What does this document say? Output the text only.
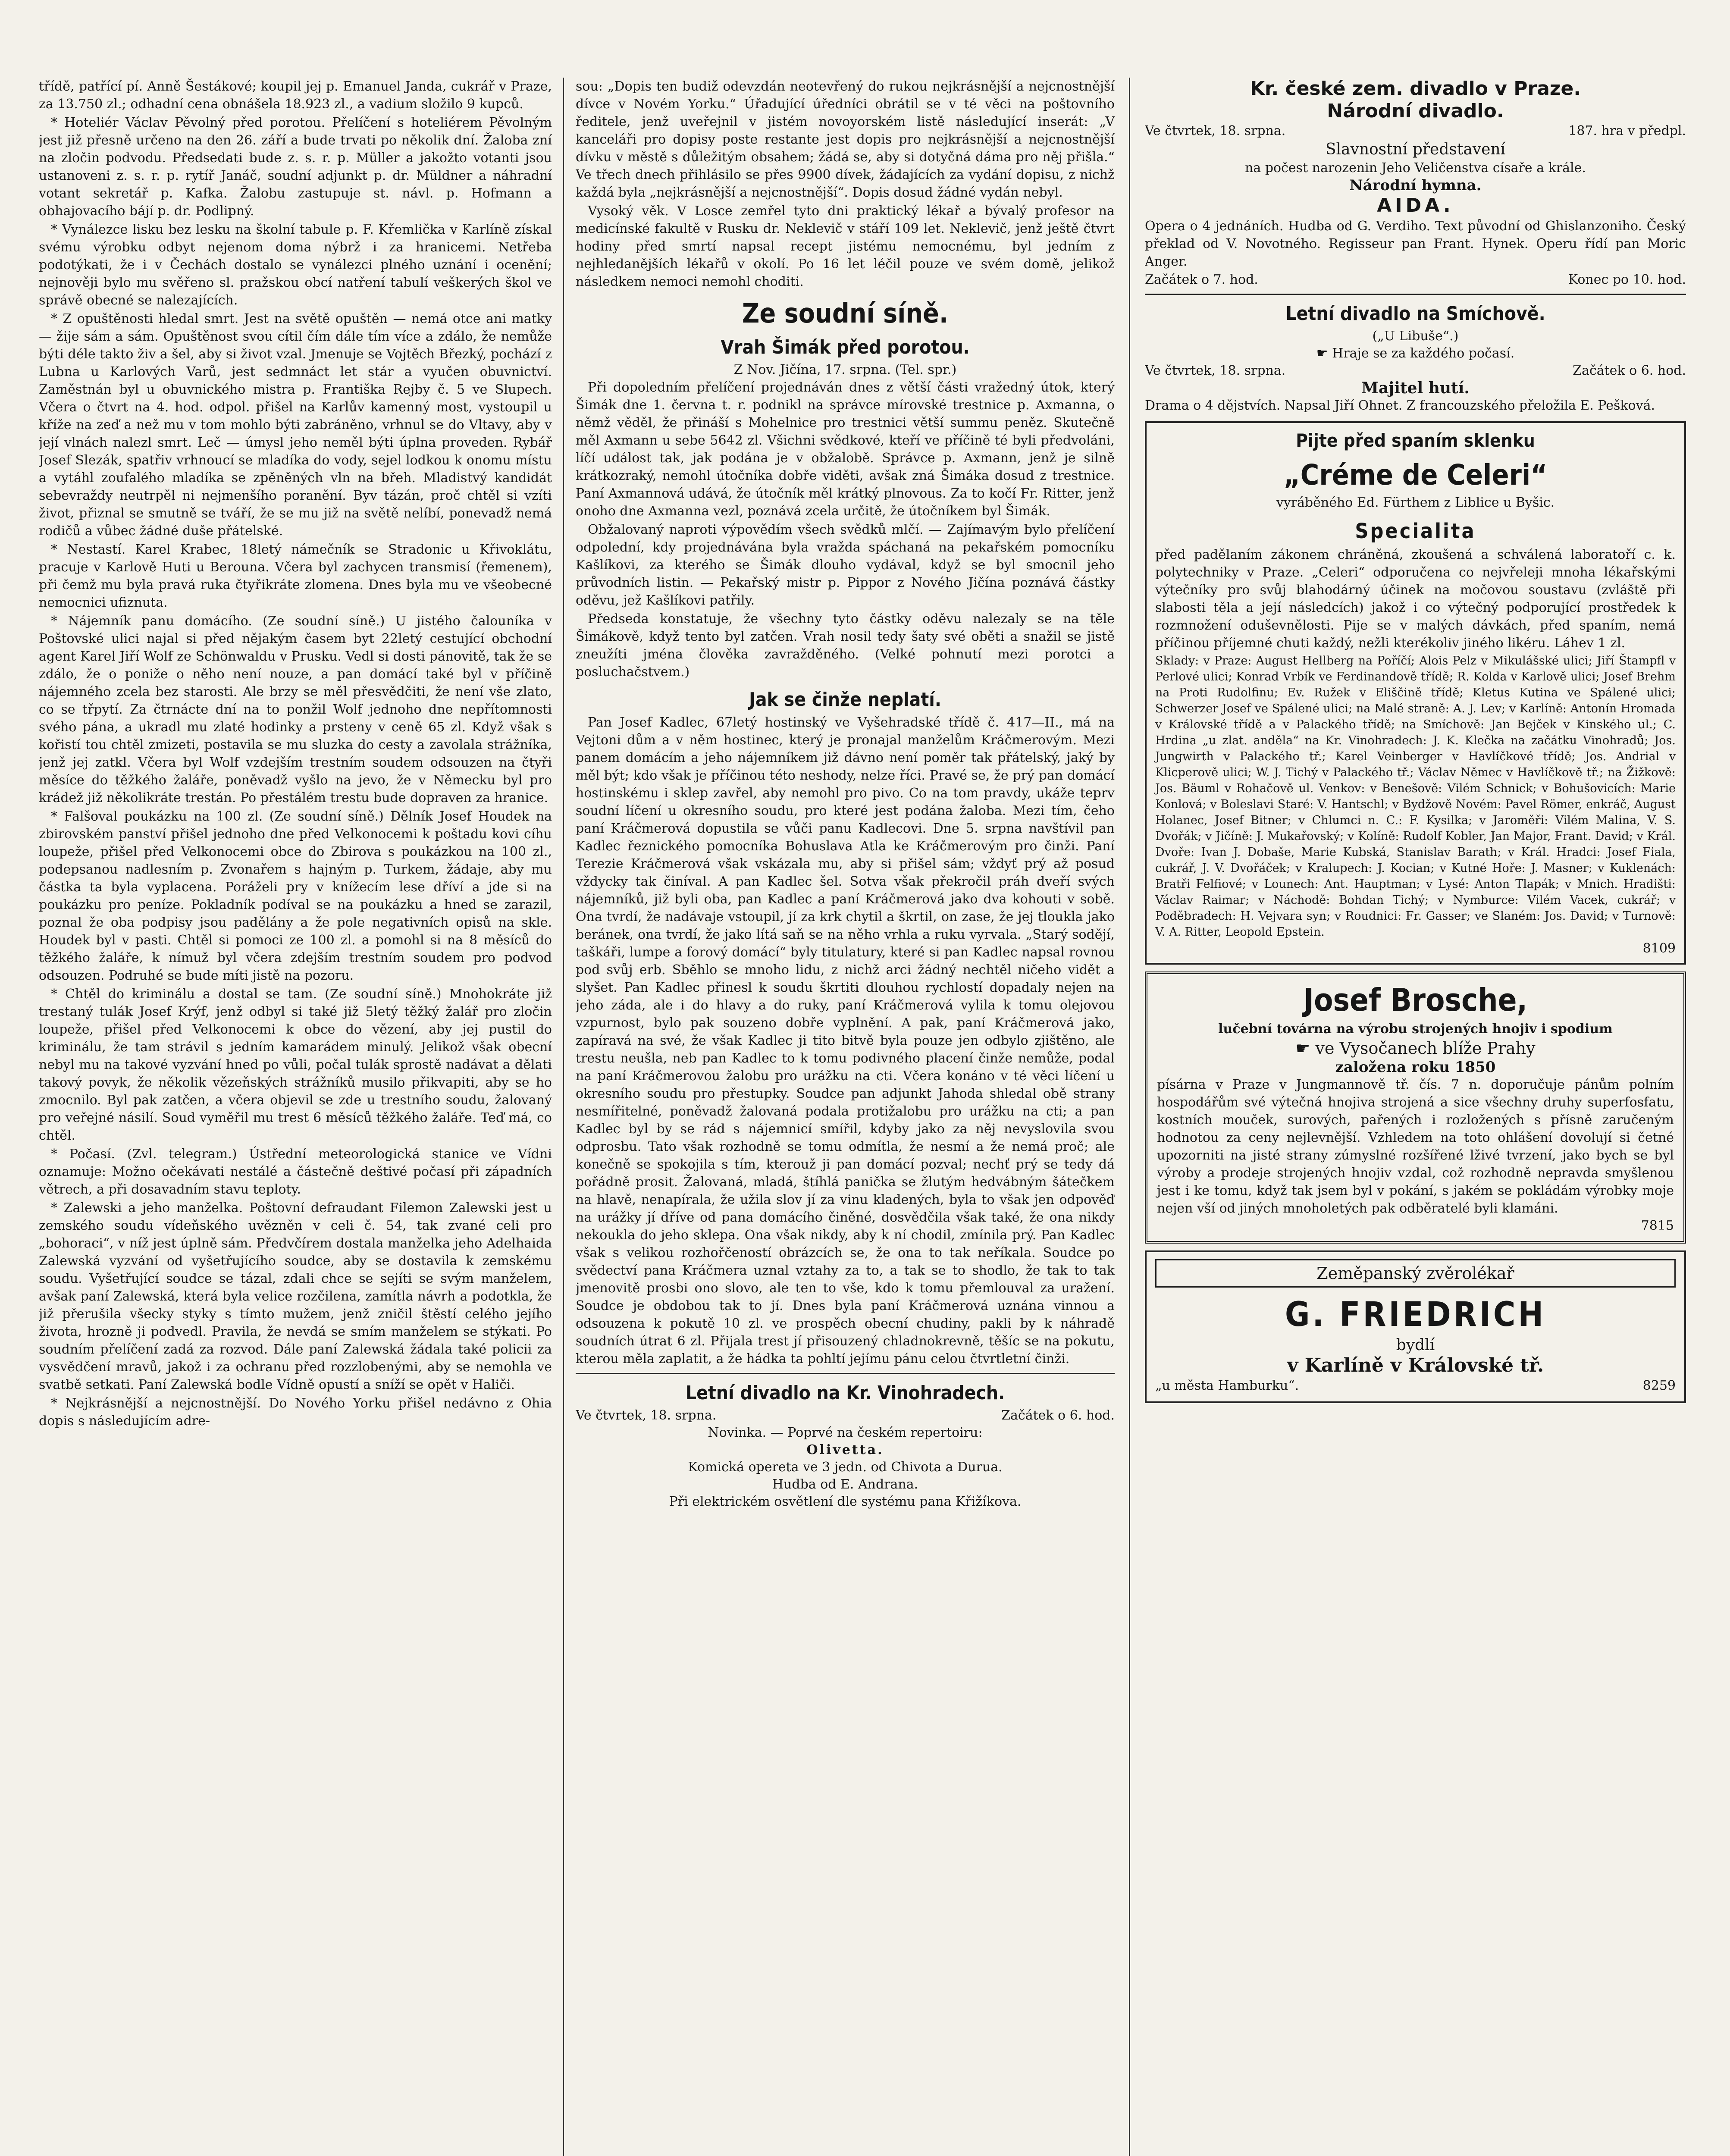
třídě, patřící pí. Anně Šestákové; koupil jej p. Emanuel Janda, cukrář v Praze, za 13.750 zl.; odhadní cena obnášela 18.923 zl., a vadium složilo 9 kupců.

* Hoteliér Václav Pěvolný před porotou. Přelíčení s hoteliérem Pěvolným jest již přesně určeno na den 26. září a bude trvati po několik dní. Žaloba zní na zločin podvodu. Předsedati bude z. s. r. p. Müller a jakožto votanti jsou ustanoveni z. s. r. p. rytíř Janáč, soudní adjunkt p. dr. Müldner a náhradní votant sekretář p. Kafka. Žalobu zastupuje st. návl. p. Hofmann a obhajovacího bájí p. dr. Podlipný.

* Vynálezce lisku bez lesku na školní tabule p. F. Křemlička v Karlíně získal svému výrobku odbyt nejenom doma nýbrž i za hranicemi. Netřeba podotýkati, že i v Čechách dostalo se vynálezci plného uznání i ocenění; nejnověji bylo mu svěřeno sl. pražskou obcí natření tabulí veškerých škol ve správě obecné se nalezajících.

* Z opuštěnosti hledal smrt. Jest na světě opuštěn — nemá otce ani matky — žije sám a sám. Opuštěnost svou cítil čím dále tím více a zdálo, že nemůže býti déle takto živ a šel, aby si život vzal. Jmenuje se Vojtěch Březký, pochází z Lubna u Karlových Varů, jest sedmnáct let stár a vyučen obuvnictví. Zaměstnán byl u obuvnického mistra p. Františka Rejby č. 5 ve Slupech. Včera o čtvrt na 4. hod. odpol. přišel na Karlův kamenný most, vystoupil u kříže na zeď a než mu v tom mohlo býti zabráněno, vrhnul se do Vltavy, aby v její vlnách nalezl smrt. Leč — úmysl jeho neměl býti úplna proveden. Rybář Josef Slezák, spatřiv vrhnoucí se mladíka do vody, sejel lodkou k onomu místu a vytáhl zoufalého mladíka se zpěněných vln na břeh. Mladistvý kandidát sebevraždy neutrpěl ni nejmenšího poranění. Byv tázán, proč chtěl si vzíti život, přiznal se smutně se tváří, že se mu již na světě nelíbí, ponevadž nemá rodičů a vůbec žádné duše přátelské.

* Nestastí. Karel Krabec, 18letý námečník se Stradonic u Křivoklátu, pracuje v Karlově Huti u Berouna. Včera byl zachycen transmisí (řemenem), při čemž mu byla pravá ruka čtyřikráte zlomena. Dnes byla mu ve všeobecné nemocnici ufiznuta.

* Nájemník panu domácího. (Ze soudní síně.) U jistého čalouníka v Poštovské ulici najal si před nějakým časem byt 22letý cestující obchodní agent Karel Jiří Wolf ze Schönwaldu v Prusku. Vedl si dosti pánovitě, tak že se zdálo, že o poniže o něho není nouze, a pan domácí také byl v příčině nájemného zcela bez starosti. Ale brzy se měl přesvědčiti, že není vše zlato, co se třpytí. Za čtrnácte dní na to ponžil Wolf jednoho dne nepřítomnosti svého pána, a ukradl mu zlaté hodinky a prsteny v ceně 65 zl. Když však s kořistí tou chtěl zmizeti, postavila se mu sluzka do cesty a zavolala strážníka, jenž jej zatkl. Včera byl Wolf vzdejším trestním soudem odsouzen na čtyři měsíce do těžkého žaláře, poněvadž vyšlo na jevo, že v Německu byl pro krádež již několikráte trestán. Po přestálém trestu bude dopraven za hranice.

* Falšoval poukázku na 100 zl. (Ze soudní síně.) Dělník Josef Houdek na zbirovském panství přišel jednoho dne před Velkonocemi k poštadu kovi cíhu loupeže, přišel před Velkonocemi obce do Zbirova s poukázkou na 100 zl., podepsanou nadlesním p. Zvonařem s hajným p. Turkem, žádaje, aby mu částka ta byla vyplacena. Poráželi pry v knížecím lese dříví a jde si na poukázku pro peníze. Pokladník podíval se na poukázku a hned se zarazil, poznal že oba podpisy jsou padělány a že pole negativních opisů na skle. Houdek byl v pasti. Chtěl si pomoci ze 100 zl. a pomohl si na 8 měsíců do těžkého žaláře, k nímuž byl včera zdejším trestním soudem pro podvod odsouzen. Podruhé se bude míti jistě na pozoru.

* Chtěl do kriminálu a dostal se tam. (Ze soudní síně.) Mnohokráte již trestaný tulák Josef Krýf, jenž odbyl si také již 5letý těžký žalář pro zločin loupeže, přišel před Velkonocemi k obce do vězení, aby jej pustil do kriminálu, že tam strávil s jedním kamarádem minulý. Jelikož však obecní nebyl mu na takové vyzvání hned po vůli, počal tulák sprostě nadávat a dělati takový povyk, že několik vězeňských strážníků musilo přikvapiti, aby se ho zmocnilo. Byl pak zatčen, a včera objevil se zde u trestního soudu, žalovaný pro veřejné násilí. Soud vyměřil mu trest 6 měsíců těžkého žaláře. Teď má, co chtěl.

* Počasí. (Zvl. telegram.) Ústřední meteorologická stanice ve Vídni oznamuje: Možno očekávati nestálé a částečně deštivé počasí při západních větrech, a při dosavadním stavu teploty.

* Zalewski a jeho manželka. Poštovní defraudant Filemon Zalewski jest u zemského soudu vídeňského uvězněn v celi č. 54, tak zvané celi pro „bohoraci“, v níž jest úplně sám. Předvčírem dostala manželka jeho Adelhaida Zalewská vyzvání od vyšetřujícího soudce, aby se dostavila k zemskému soudu. Vyšetřující soudce se tázal, zdali chce se sejíti se svým manželem, avšak paní Zalewská, která byla velice rozčilena, zamítla návrh a podotkla, že již přerušila všecky styky s tímto mužem, jenž zničil štěstí celého jejího života, hrozně ji podvedl. Pravila, že nevdá se smím manželem se stýkati. Po soudním přelíčení zadá za rozvod. Dále paní Zalewská žádala také policii za vysvědčení mravů, jakož i za ochranu před rozzlobenými, aby se nemohla ve svatbě setkati. Paní Zalewská bodle Vídně opustí a sníží se opět v Haliči.

* Nejkrásnější a nejcnostnější. Do Nového Yorku přišel nedávno z Ohia dopis s následujícím adre-

sou: „Dopis ten budiž odevzdán neotevřený do rukou nejkrásnější a nejcnostnější dívce v Novém Yorku.“ Úřadující úředníci obrátil se v té věci na poštovního ředitele, jenž uveřejnil v jistém novoyorském listě následující inserát: „V kanceláři pro dopisy poste restante jest dopis pro nejkrásnější a nejcnostnější dívku v městě s důležitým obsahem; žádá se, aby si dotyčná dáma pro něj přišla.“ Ve třech dnech přihlásilo se přes 9900 dívek, žádajících za vydání dopisu, z nichž každá byla „nejkrásnější a nejcnostnější“. Dopis dosud žádné vydán nebyl.

Vysoký věk. V Losce zemřel tyto dni praktický lékař a bývalý profesor na medicínské fakultě v Rusku dr. Neklevič v stáří 109 let. Neklevič, jenž ještě čtvrt hodiny před smrtí napsal recept jistému nemocnému, byl jedním z nejhledanějších lékařů v okolí. Po 16 let léčil pouze ve svém domě, jelikož následkem nemoci nemohl choditi.

Ze soudní síně.
Vrah Šimák před porotou.
Z Nov. Jičína, 17. srpna. (Tel. spr.)

Při dopoledním přelíčení projednáván dnes z větší části vražedný útok, který Šimák dne 1. června t. r. podnikl na správce mírovské trestnice p. Axmanna, o němž věděl, že přináší s Mohelnice pro trestnici větší summu peněz. Skutečně měl Axmann u sebe 5642 zl. Všichni svědkové, kteří ve příčině té byli předvoláni, líčí událost tak, jak podána je v obžalobě. Správce p. Axmann, jenž je silně krátkozraký, nemohl útočníka dobře viděti, avšak zná Šimáka dosud z trestnice. Paní Axmannová udává, že útočník měl krátký plnovous. Za to kočí Fr. Ritter, jenž onoho dne Axmanna vezl, poznává zcela určitě, že útočníkem byl Šimák.

Obžalovaný naproti výpovědím všech svědků mlčí. — Zajímavým bylo přelíčení odpolední, kdy projednávána byla vražda spáchaná na pekařském pomocníku Kašlíkovi, za kterého se Šimák dlouho vydával, když se byl smocnil jeho průvodních listin. — Pekařský mistr p. Pippor z Nového Jičína poznává částky oděvu, jež Kašlíkovi patřily.

Předseda konstatuje, že všechny tyto částky oděvu nalezaly se na těle Šimákově, když tento byl zatčen. Vrah nosil tedy šaty své oběti a snažil se jistě zneužíti jména člověka zavražděného. (Velké pohnutí mezi porotci a posluchačstvem.)

Jak se činže neplatí.

Pan Josef Kadlec, 67letý hostinský ve Vyšehradské třídě č. 417—II., má na Vejtoni dům a v něm hostinec, který je pronajal manželům Kráčmerovým. Mezi panem domácím a jeho nájemníkem již dávno není poměr tak přátelský, jaký by měl být; kdo však je příčinou této neshody, nelze říci. Pravé se, že prý pan domácí hostinskému i sklep zavřel, aby nemohl pro pivo. Co na tom pravdy, ukáže teprv soudní líčení u okresního soudu, pro které jest podána žaloba. Mezi tím, čeho paní Kráčmerová dopustila se vůči panu Kadlecovi. Dne 5. srpna navštívil pan Kadlec řeznického pomocníka Bohuslava Atla ke Kráčmerovým pro činži. Paní Terezie Kráčmerová však vskázala mu, aby si přišel sám; vždyť prý až posud vždycky tak činíval. A pan Kadlec šel. Sotva však překročil práh dveří svých nájemníků, již byli oba, pan Kadlec a paní Kráčmerová jako dva kohouti v sobě. Ona tvrdí, že nadávaje vstoupil, jí za krk chytil a škrtil, on zase, že jej tloukla jako beránek, ona tvrdí, že jako lítá saň se na něho vrhla a ruku vyrvala. „Starý sodějí, taškáři, lumpe a forový domácí“ byly titulatury, které si pan Kadlec napsal rovnou pod svůj erb. Sběhlo se mnoho lidu, z nichž arci žádný nechtěl ničeho vidět a slyšet. Pan Kadlec přinesl k soudu škrtiti dlouhou rychlostí dopadaly nejen na jeho záda, ale i do hlavy a do ruky, paní Kráčmerová vylila k tomu olejovou vzpurnost, bylo pak souzeno dobře vyplnění. A pak, paní Kráčmerová jako, zapíravá na své, že však Kadlec ji tito bitvě byla pouze jen odbylo zjištěno, ale trestu neušla, neb pan Kadlec to k tomu podivného placení činže nemůže, podal na paní Kráčmerovou žalobu pro urážku na cti. Včera konáno v té věci líčení u okresního soudu pro přestupky. Soudce pan adjunkt Jahoda shledal obě strany nesmířitelné, poněvadž žalovaná podala protižalobu pro urážku na cti; a pan Kadlec byl by se rád s nájemnicí smířil, kdyby jako za něj nevyslovila svou odprosbu. Tato však rozhodně se tomu odmítla, že nesmí a že nemá proč; ale konečně se spokojila s tím, kterouž ji pan domácí pozval; nechť prý se tedy dá pořádně prosit. Žalovaná, mladá, štíhlá panička se žlutým hedvábným šátečkem na hlavě, nenapírala, že užila slov jí za vinu kladených, byla to však jen odpověď na urážky jí dříve od pana domácího činěné, dosvědčila však také, že ona nikdy nekoukla do jeho sklepa. Ona však nikdy, aby k ní chodil, zmínila prý. Pan Kadlec však s velikou rozhořčeností obrázcích se, že ona to tak neříkala. Soudce po svědectví pana Kráčmera uznal vztahy za to, a tak se to shodlo, že tak to tak jmenovitě prosbi ono slovo, ale ten to vše, kdo k tomu přemlouval za uražení. Soudce je obdobou tak to jí. Dnes byla paní Kráčmerová uznána vinnou a odsouzena k pokutě 10 zl. ve prospěch obecní chudiny, pakli by k náhradě soudních útrat 6 zl. Přijala trest jí přisouzený chladnokrevně, těšíc se na pokutu, kterou měla zaplatit, a že hádka ta pohltí jejímu pánu celou čtvrtletní činži.

Letní divadlo na Kr. Vinohradech.
Ve čtvrtek, 18. srpna.	Začátek o 6. hod.
Novinka. — Poprvé na českém repertoiru:
Olivetta.
Komická opereta ve 3 jedn. od Chivota a Duruа.
Hudba od E. Andrana.
Při elektrickém osvětlení dle systému pana Křižíkova.
Kr. české zem. divadlo v Praze.
Národní divadlo.
Ve čtvrtek, 18. srpna.	187. hra v předpl.
Slavnostní představení
na počest narozenin Jeho Veličenstva císaře a krále.
Národní hymna.
AIDA.

Opera o 4 jednáních. Hudba od G. Verdiho. Text původní od Ghislanzoniho. Český překlad od V. Novotného. Regisseur pan Frant. Hynek. Operu řídí pan Moric Anger.

Začátek o 7. hod.	Konec po 10. hod.
Letní divadlo na Smíchově.
(„U Libuše“.)
☛ Hraje se za každého počasí.
Ve čtvrtek, 18. srpna.	Začátek o 6. hod.
Majitel hutí.

Drama o 4 dějstvích. Napsal Jiří Ohnet. Z francouzského přeložila E. Pešková.

Pijte před spaním sklenku
„Créme de Celeri“
vyráběného Ed. Fürthem z Liblice u Byšic.
Specialita

před padělaním zákonem chráněná, zkoušená a schválená laboratoří c. k. polytechniky v Praze. „Celeri“ odporučena co nejvřeleji mnoha lékařskými výtečníky pro svůj blahodárný účinek na močovou soustavu (zvláště při slabosti těla a její následcích) jakož i co výtečný podporující prostředek k rozmnožení oduševnělosti. Pije se v malých dávkách, před spaním, nemá příčinou příjemné chuti každý, nežli kterékoliv jiného likéru. Láhev 1 zl.

Sklady: v Praze: August Hellberg na Poříčí; Alois Pelz v Mikulášské ulici; Jiří Štampfl v Perlové ulici; Konrad Vrbík ve Ferdinandově třídě; R. Kolda v Karlově ulici; Josef Brehm na Proti Rudolfinu; Ev. Ružek v Eliščině třídě; Kletus Kutina ve Spálené ulici; Schwerzer Josef ve Spálené ulici; na Malé straně: A. J. Lev; v Karlíně: Antonín Hromada v Královské třídě a v Palackého třídě; na Smíchově: Jan Bejček v Kinského ul.; C. Hrdina „u zlat. anděla“ na Kr. Vinohradech: J. K. Klečka na začátku Vinohradů; Jos. Jungwirth v Palackého tř.; Karel Veinberger v Havlíčkové třídě; Jos. Andrial v Klicperově ulici; W. J. Tichý v Palackého tř.; Václav Němec v Havlíčkově tř.; na Žižkově: Jos. Bäuml v Rohačově ul. Venkov: v Benešově: Vilém Schnick; v Bohušovicích: Marie Konlová; v Boleslavi Staré: V. Hantschl; v Bydžově Novém: Pavel Römer, enkráč, August Holanec, Josef Bitner; v Chlumci n. C.: F. Kysilka; v Jaroměři: Vilém Malina, V. S. Dvořák; v Jičíně: J. Mukařovský; v Kolíně: Rudolf Kobler, Jan Major, Frant. David; v Král. Dvoře: Ivan J. Dobaše, Marie Kubská, Stanislav Barath; v Král. Hradci: Josef Fiala, cukrář, J. V. Dvořáček; v Kralupech: J. Kocian; v Kutné Hoře: J. Masner; v Kuklenách: Bratři Felfiové; v Lounech: Ant. Hauptman; v Lysé: Anton Tlapák; v Mnich. Hradišti: Václav Raimar; v Náchodě: Bohdan Tichý; v Nymburce: Vilém Vacek, cukrář; v Poděbradech: H. Vejvara syn; v Roudnici: Fr. Gasser; ve Slaném: Jos. David; v Turnově: V. A. Ritter, Leopold Epstein.

8109
Josef Brosche,
lučební továrna na výrobu strojených hnojiv i spodium
☛ ve Vysočanech blíže Prahy
založena roku 1850

písárna v Praze v Jungmannově tř. čís. 7 n. doporučuje pánům polním hospodářům své výtečná hnojiva strojená a sice všechny druhy superfosfatu, kostních mouček, surových, pařených i rozložených s přísně zaručeným hodnotou za ceny nejlevnější. Vzhledem na toto ohlášení dovolují si četné upozorniti na jisté strany zúmyslné rozšířené lživé tvrzení, jako bych se byl výroby a prodeje strojených hnojiv vzdal, což rozhodně nepravda smyšlenou jest i ke tomu, když tak jsem byl v pokání, s jakém se pokládám výrobky moje nejen vší od jiných mnoholetých pak odběratelé byli klamáni.

7815
Zeměpanský zvěrolékař
G. FRIEDRICH
bydlí
v Karlíně v Královské tř.
„u města Hamburku“.	8259
